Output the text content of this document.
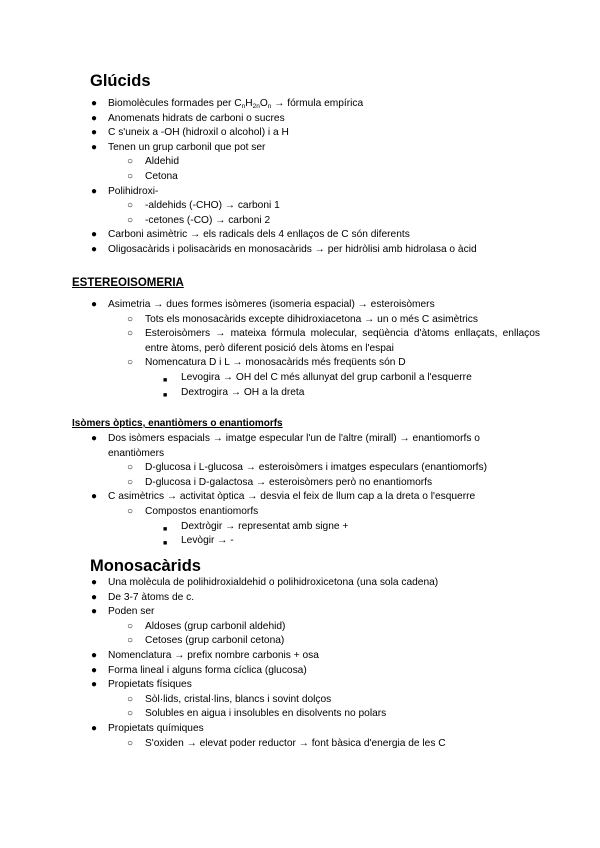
Glúcids
● Biomolècules formades per $C_nH_{2n}O_n$ → fórmula empírica
● Anomenats hidrats de carboni o sucres
● C s'uneix a -OH (hidroxil o alcohol) i a H
● Tenen un grup carbonil que pot ser
○ Aldehid
○ Cetona
● Polihidroxi-
○ -aldehids (-CHO) → carboni 1
○ -cetones (-CO) → carboni 2
● Carboni asimètric → els radicals dels 4 enllaços de C són diferents
● Oligosacàrids i polisacàrids en monosacàrids → per hidròlisi amb hidrolasa o àcid
ESTEREOISOMERIA
● Asimetria → dues formes isòmeres (isomeria espacial) → esteroisòmers
○ Tots els monosacàrids excepte dihidroxiacetona → un o més C asimètrics
○ Esteroisòmers → mateixa fórmula molecular, seqüència d'àtoms enllaçats, enllaços entre àtoms, però diferent posició dels àtoms en l'espai
○ Nomencatura D i L → monosacàrids més freqüents són D
■ Levogira → OH del C més allunyat del grup carbonil a l'esquerre
■ Dextrogira → OH a la dreta
Isòmers òptics, enantiòmers o enantiomorfs
● Dos isòmers espacials → imatge especular l'un de l'altre (mirall) → enantiomorfs o enantiòmers
○ D-glucosa i L-glucosa → esteroisòmers i imatges especulars (enantiomorfs)
○ D-glucosa i D-galactosa → esteroisòmers però no enantiomorfs
● C asimètrics → activitat òptica → desvia el feix de llum cap a la dreta o l'esquerre
○ Compostos enantiomorfs
■ Dextrògir → representat amb signe +
■ Levògir → -
Monosacàrids
● Una molècula de polihidroxialdehid o polihidroxicetona (una sola cadena)
● De 3-7 àtoms de c.
● Poden ser
○ Aldoses (grup carbonil aldehid)
○ Cetoses (grup carbonil cetona)
● Nomenclatura → prefix nombre carbonis + osa
● Forma lineal i alguns forma cíclica (glucosa)
● Propietats físiques
○ Sòl·lids, cristal·lins, blancs i sovint dolços
○ Solubles en aigua i insolubles en disolvents no polars
● Propietats químiques
○ S'oxiden → elevat poder reductor → font bàsica d'energia de les C
